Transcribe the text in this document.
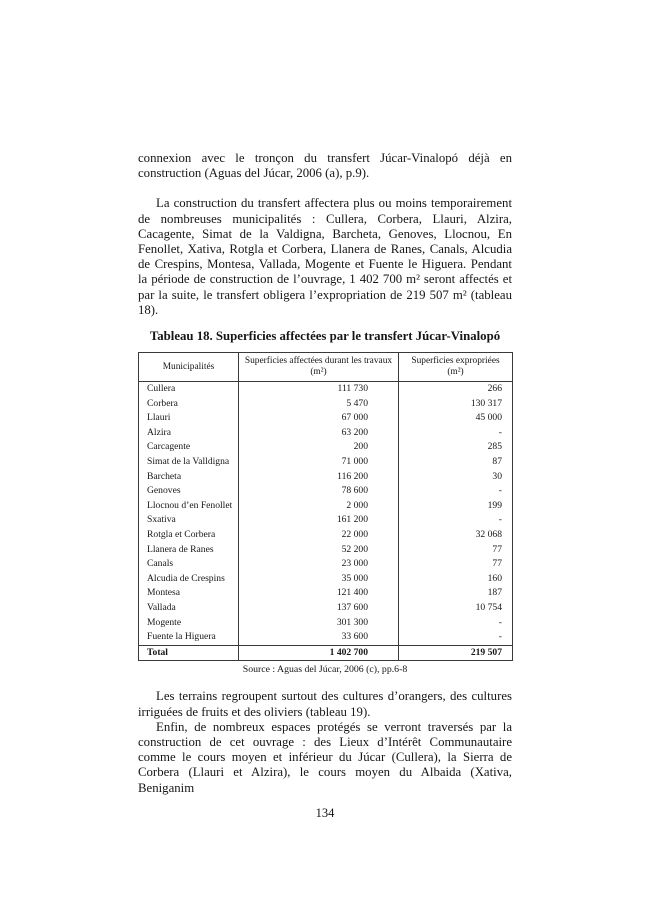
connexion avec le tronçon du transfert Júcar-Vinalopó déjà en construction (Aguas del Júcar, 2006 (a), p.9).

La construction du transfert affectera plus ou moins temporairement de nombreuses municipalités : Cullera, Corbera, Llauri, Alzira, Cacagente, Simat de la Valdigna, Barcheta, Genoves, Llocnou, En Fenollet, Xativa, Rotgla et Corbera, Llanera de Ranes, Canals, Alcudia de Crespins, Montesa, Vallada, Mogente et Fuente le Higuera. Pendant la période de construction de l’ouvrage, 1 402 700 m² seront affectés et par la suite, le transfert obligera l’expropriation de 219 507 m² (tableau 18).

Tableau 18. Superficies affectées par le transfert Júcar-Vinalopó
Municipalités	Superficies affectées durant les travaux (m²)	Superficies expropriées (m²)
Cullera	111 730	266
Corbera	5 470	130 317
Llauri	67 000	45 000
Alzira	63 200	-
Carcagente	200	285
Simat de la Valldigna	71 000	87
Barcheta	116 200	30
Genoves	78 600	-
Llocnou d’en Fenollet	2 000	199
Sxativa	161 200	-
Rotgla et Corbera	22 000	32 068
Llanera de Ranes	52 200	77
Canals	23 000	77
Alcudia de Crespins	35 000	160
Montesa	121 400	187
Vallada	137 600	10 754
Mogente	301 300	-
Fuente la Higuera	33 600	-
Total	1 402 700	219 507
Source : Aguas del Júcar, 2006 (c), pp.6-8

Les terrains regroupent surtout des cultures d’orangers, des cultures irriguées de fruits et des oliviers (tableau 19).

Enfin, de nombreux espaces protégés se verront traversés par la construction de cet ouvrage : des Lieux d’Intérêt Communautaire comme le cours moyen et inférieur du Júcar (Cullera), la Sierra de Corbera (Llauri et Alzira), le cours moyen du Albaida (Xativa, Beniganim

134
